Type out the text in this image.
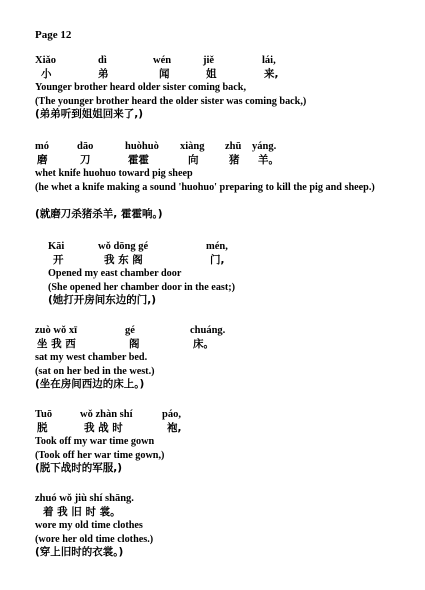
Page 12
Xiǎo	dì	wén	jiě	lái,
小	弟	闻	姐	来,
Younger brother heard older sister coming back,
(The younger brother heard the older sister was coming back,)
(弟弟听到姐姐回来了,)
mó	dāo	huòhuò xiàng zhū yáng.
磨	刀	霍霍	向	猪 羊。
whet knife huohuo toward pig sheep
(he whet a knife making a sound 'huohuo' preparing to kill the pig and sheep.)
(就磨刀杀猪杀羊, 霍霍响。)
Kāi	wǒ dōng gé	mén,
开	我 东 阁	门,
Opened my east chamber door
(She opened her chamber door in the east;)
(她打开房间东边的门,)
zuò wǒ xī	gé	chuáng.
坐 我 西	阁	床。
sat my west chamber bed.
(sat on her bed in the west.)
(坐在房间西边的床上。)
Tuō	wǒ zhàn shí	páo,
脱	我 战 时	袍,
Took off my war time gown
(Took off her war time gown,)
(脱下战时的军服,)
zhuó wǒ jiù shí shāng.
着 我 旧 时 裳。
wore my old time clothes
(wore her old time clothes.)
(穿上旧时的衣裳。)
